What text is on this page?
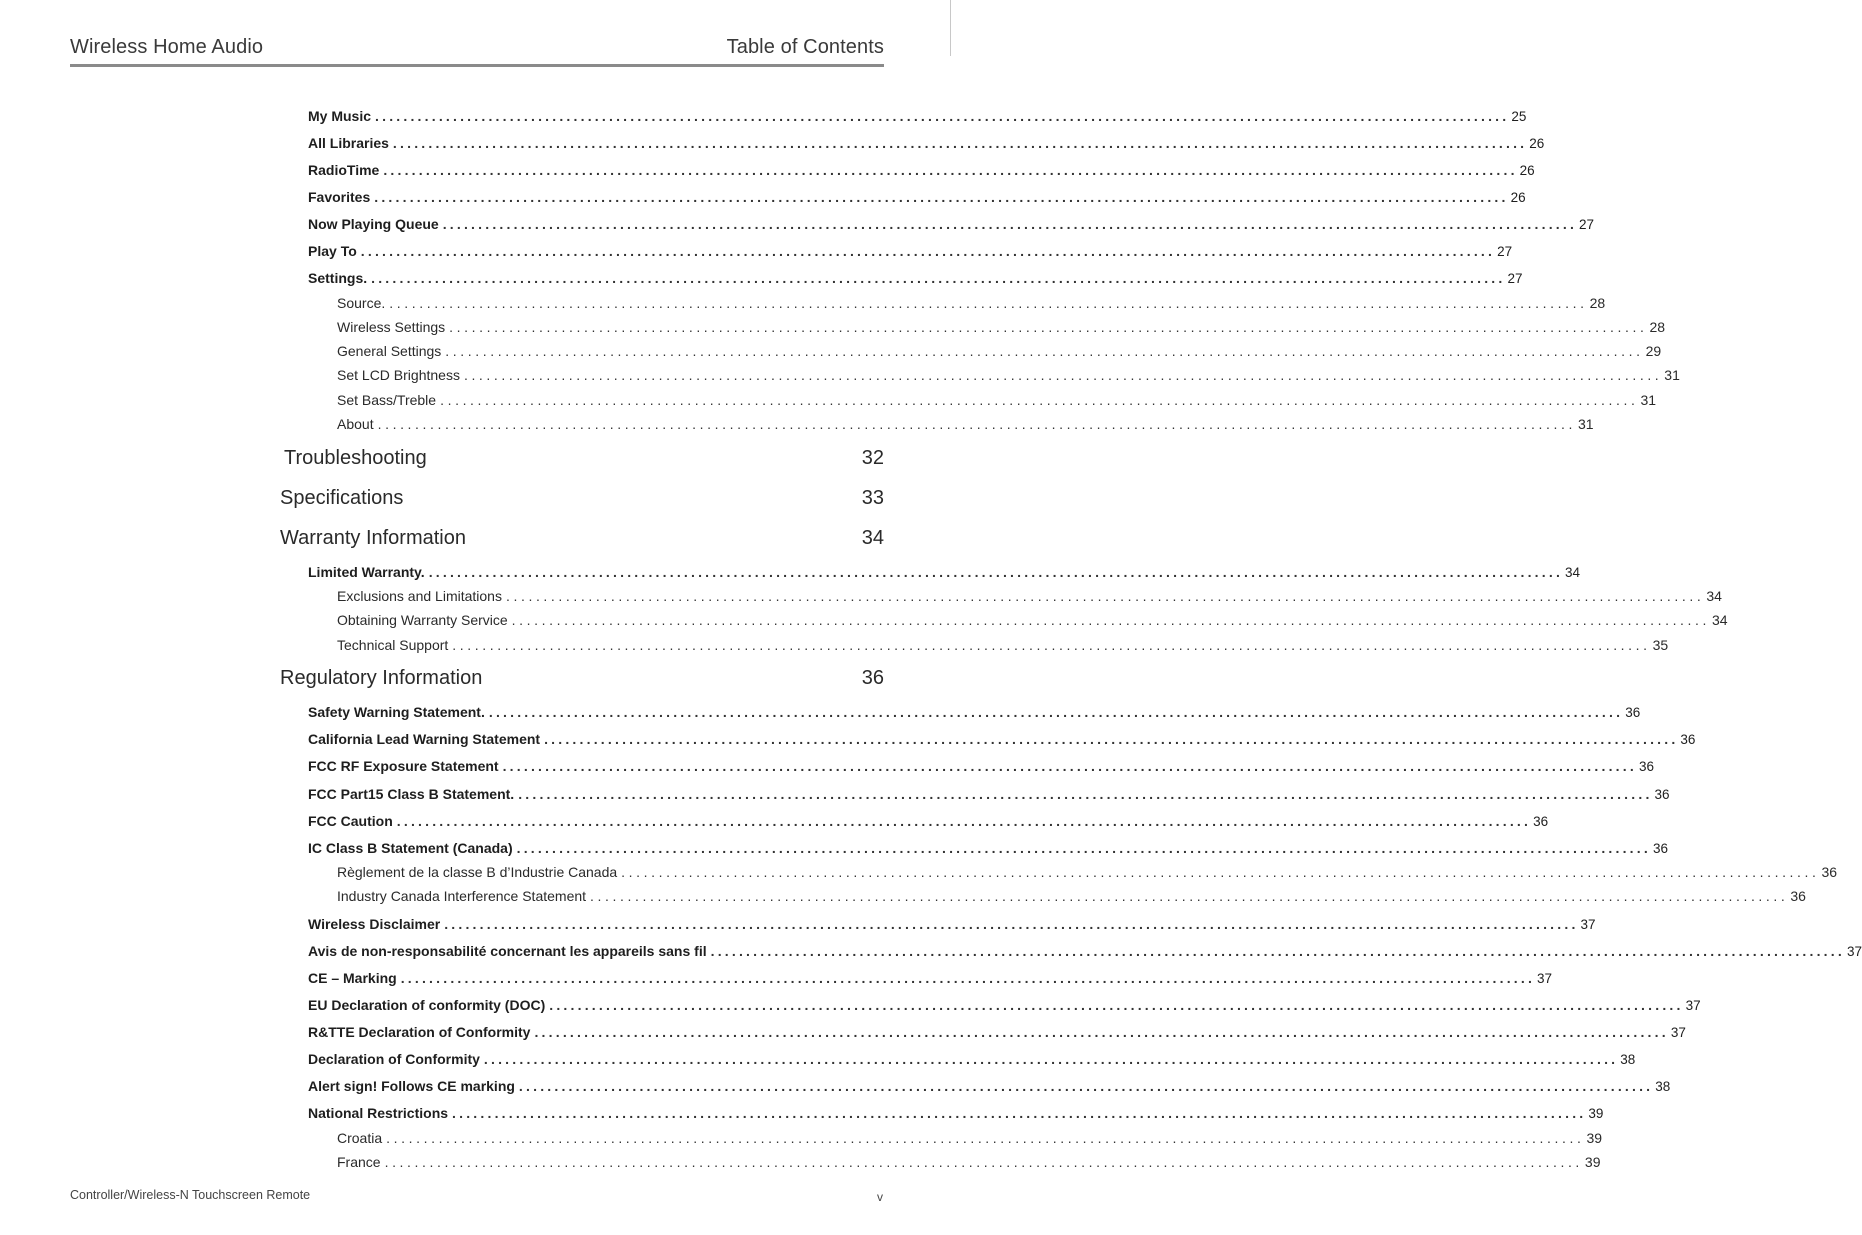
Wireless Home Audio	Table of Contents
My Music ................................................................................................................................................................ 25
All Libraries ................................................................................................................................................................ 26
RadioTime ................................................................................................................................................................ 26
Favorites ................................................................................................................................................................ 26
Now Playing Queue ................................................................................................................................................................ 27
Play To ................................................................................................................................................................ 27
Settings. ................................................................................................................................................................ 27
Source. ................................................................................................................................................................ 28
Wireless Settings ................................................................................................................................................................ 28
General Settings ................................................................................................................................................................ 29
Set LCD Brightness ................................................................................................................................................................ 31
Set Bass/Treble ................................................................................................................................................................ 31
About ................................................................................................................................................................ 31
Troubleshooting	32
Specifications	33
Warranty Information	34
Limited Warranty. ................................................................................................................................................................ 34
Exclusions and Limitations ................................................................................................................................................................ 34
Obtaining Warranty Service ................................................................................................................................................................ 34
Technical Support ................................................................................................................................................................ 35
Regulatory Information	36
Safety Warning Statement. ................................................................................................................................................................ 36
California Lead Warning Statement ................................................................................................................................................................ 36
FCC RF Exposure Statement ................................................................................................................................................................ 36
FCC Part15 Class B Statement. ................................................................................................................................................................ 36
FCC Caution ................................................................................................................................................................ 36
IC Class B Statement (Canada) ................................................................................................................................................................ 36
Règlement de la classe B d’Industrie Canada ................................................................................................................................................................ 36
Industry Canada Interference Statement ................................................................................................................................................................ 36
Wireless Disclaimer ................................................................................................................................................................ 37
Avis de non-responsabilité concernant les appareils sans fil ................................................................................................................................................................ 37
CE – Marking ................................................................................................................................................................ 37
EU Declaration of conformity (DOC) ................................................................................................................................................................ 37
R&TTE Declaration of Conformity ................................................................................................................................................................ 37
Declaration of Conformity ................................................................................................................................................................ 38
Alert sign! Follows CE marking ................................................................................................................................................................ 38
National Restrictions ................................................................................................................................................................ 39
Croatia ................................................................................................................................................................ 39
France ................................................................................................................................................................ 39
Controller/Wireless-N Touchscreen Remote	v
